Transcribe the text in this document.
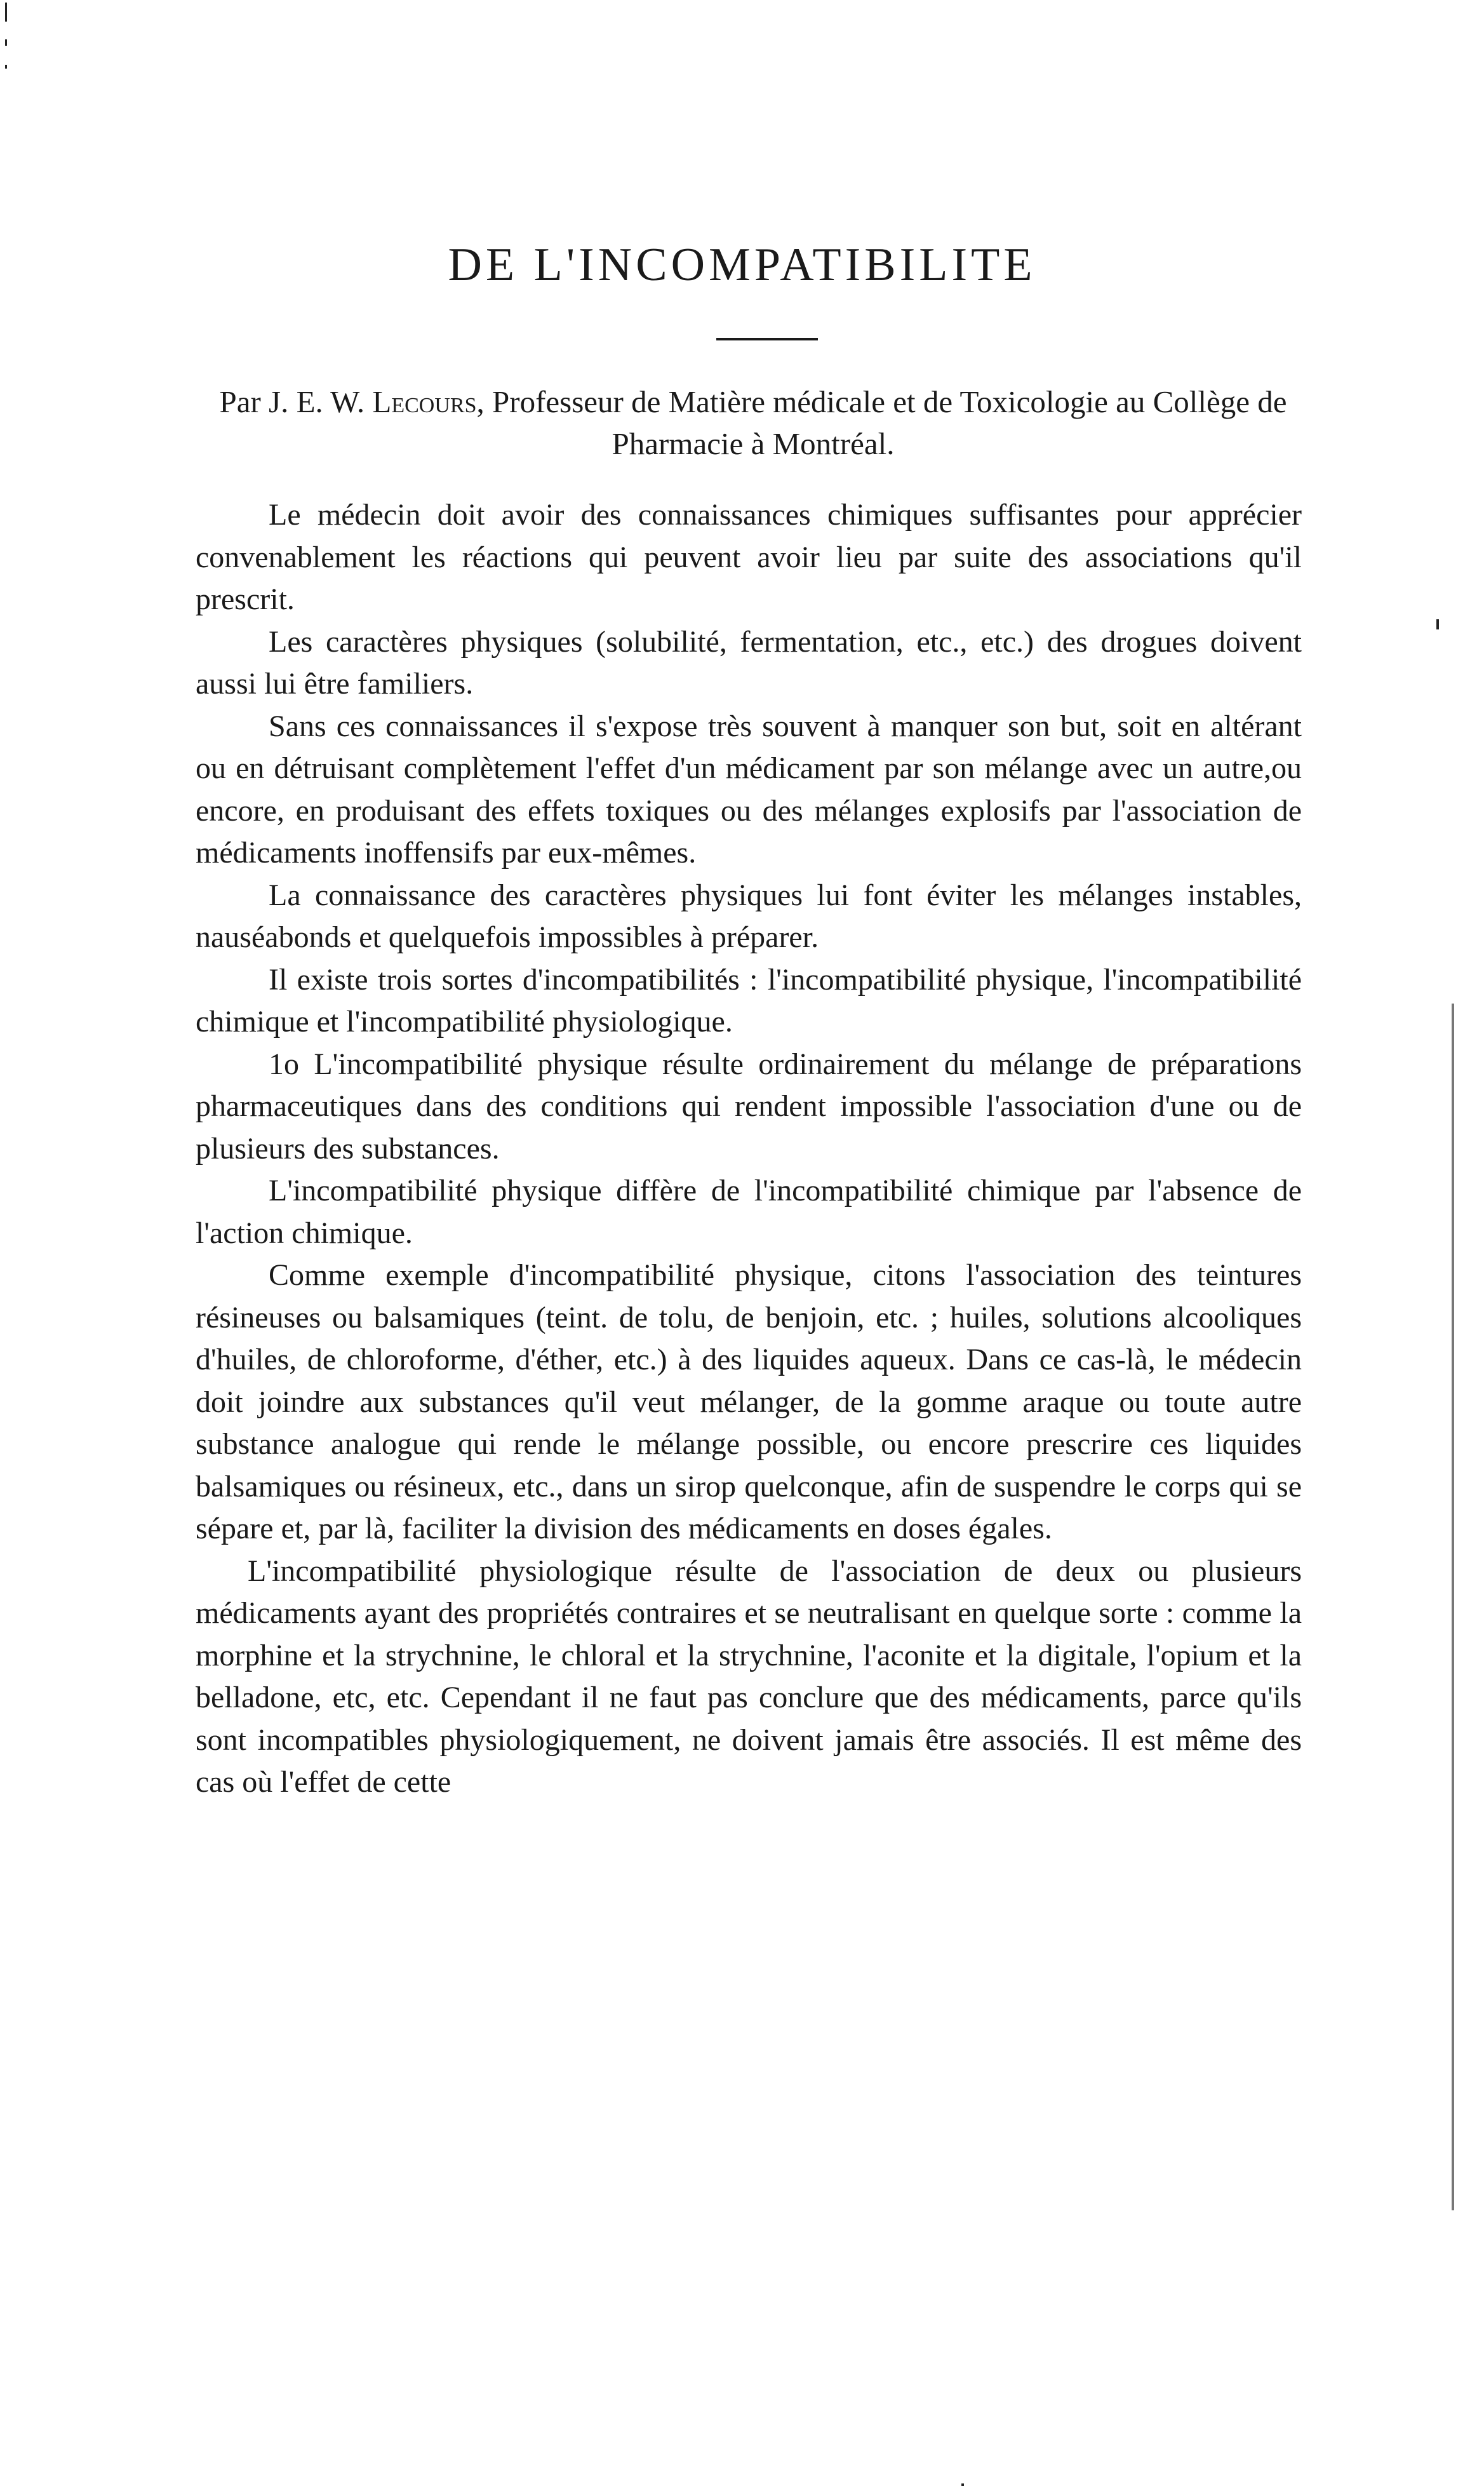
DE L'INCOMPATIBILITE
Par J. E. W. Lecours, Professeur de Matière médicale et de Toxicologie au Collège de Pharmacie à Montréal.

Le médecin doit avoir des connaissances chimiques suffisantes pour apprécier convenablement les réactions qui peuvent avoir lieu par suite des associations qu'il prescrit.

Les caractères physiques (solubilité, fermentation, etc., etc.) des drogues doivent aussi lui être familiers.

Sans ces connaissances il s'expose très souvent à manquer son but, soit en altérant ou en détruisant complètement l'effet d'un médicament par son mélange avec un autre,ou encore, en produisant des effets toxiques ou des mélanges explosifs par l'association de médicaments inoffensifs par eux-mêmes.

La connaissance des caractères physiques lui font éviter les mélanges instables, nauséabonds et quelquefois impossibles à préparer.

Il existe trois sortes d'incompatibilités : l'incompatibilité physique, l'incompatibilité chimique et l'incompatibilité physiologique.

1o L'incompatibilité physique résulte ordinairement du mélange de préparations pharmaceutiques dans des conditions qui rendent impossible l'association d'une ou de plusieurs des substances.

L'incompatibilité physique diffère de l'incompatibilité chimique par l'absence de l'action chimique.

Comme exemple d'incompatibilité physique, citons l'association des teintures résineuses ou balsamiques (teint. de tolu, de benjoin, etc. ; huiles, solutions alcooliques d'huiles, de chloroforme, d'éther, etc.) à des liquides aqueux. Dans ce cas-là, le médecin doit joindre aux substances qu'il veut mélanger, de la gomme araque ou toute autre substance analogue qui rende le mélange possible, ou encore prescrire ces liquides balsamiques ou résineux, etc., dans un sirop quelconque, afin de suspendre le corps qui se sépare et, par là, faciliter la division des médicaments en doses égales.

L'incompatibilité physiologique résulte de l'association de deux ou plusieurs médicaments ayant des propriétés contraires et se neutralisant en quelque sorte : comme la morphine et la strychnine, le chloral et la strychnine, l'aconite et la digitale, l'opium et la belladone, etc, etc. Cependant il ne faut pas conclure que des médicaments, parce qu'ils sont incompatibles physiologiquement, ne doivent jamais être associés. Il est même des cas où l'effet de cette
